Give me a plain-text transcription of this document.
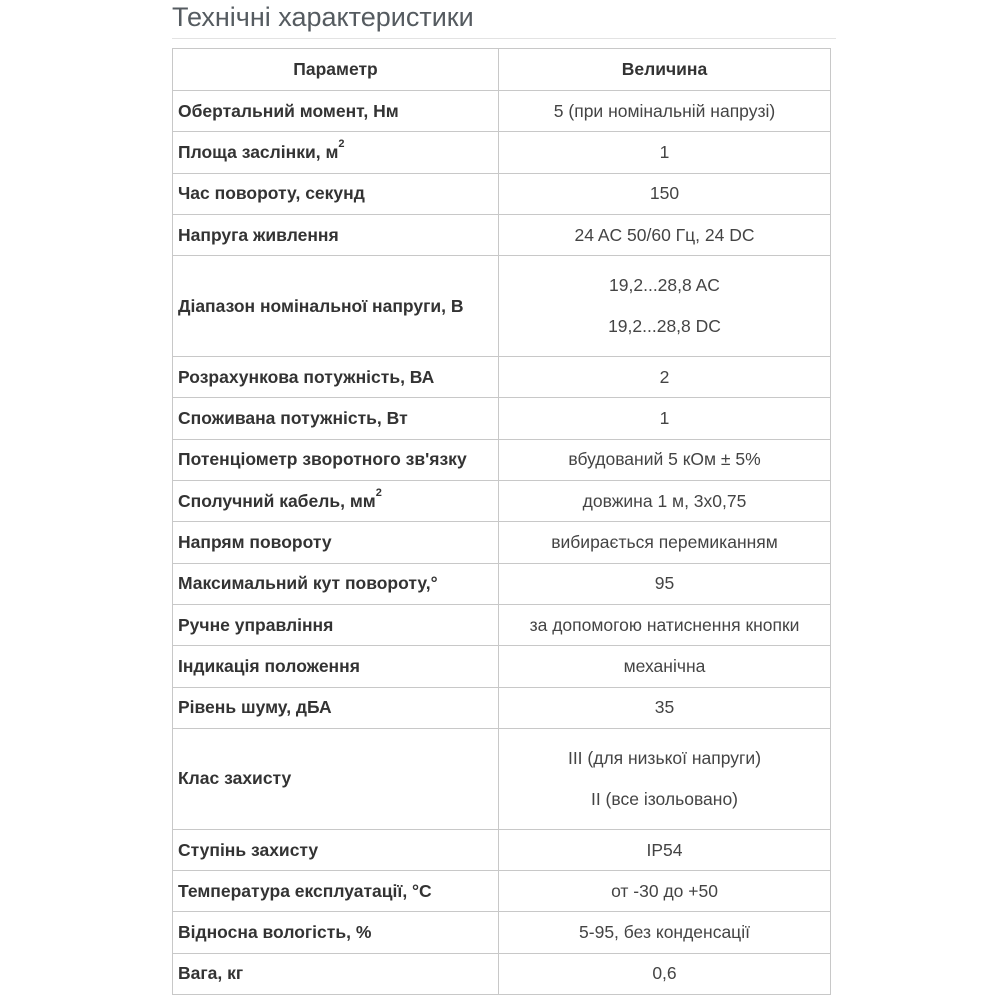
Технічні характеристики
Параметр	Величина
Обертальний момент, Нм	5 (при номінальній напрузі)

Площа заслінки, $м^2$	1

Час повороту, секунд	150

Напруга живлення	24 AC 50/60 Гц, 24 DC

Діапазон номінальної напруги, В	19,2...28,8 AC
19,2...28,8 DC

Розрахункова потужність, ВА	2

Споживана потужність, Вт	1

Потенціометр зворотного зв'язку	вбудований 5 кОм ± 5%

Сполучний кабель, $мм^2$	довжина 1 м, 3х0,75

Напрям повороту	вибирається перемиканням

Максимальний кут повороту,°	95

Ручне управління	за допомогою натиснення кнопки

Індикація положення	механічна

Рівень шуму, дБА	35

Клас захисту	III (для низької напруги)
II (все ізольовано)

Ступінь захисту	IP54

Температура експлуатації, °С	от -30 до +50

Відносна вологість, %	5-95, без конденсації

Вага, кг	0,6
